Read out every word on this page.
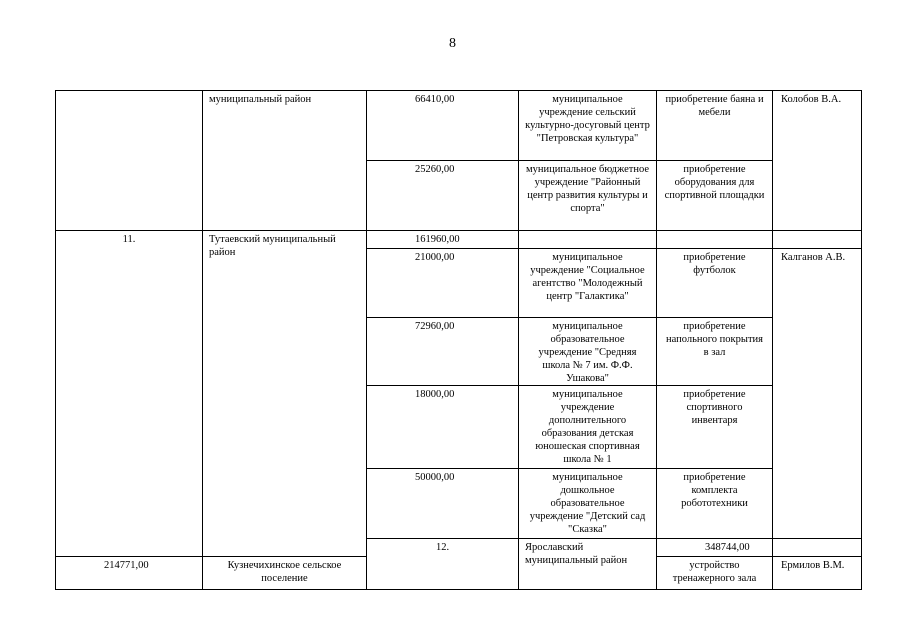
8
	муниципальный район	66410,00	муниципальное учреждение сельский культурно-досуговый центр "Петровская культура"	приобретение баяна и мебели	Колобов В.А.	
		25260,00	муниципальное бюджетное учреждение "Районный центр развития культуры и спорта"	приобретение оборудования для спортивной площадки		
11.	Тутаевский муниципальный район	161960,00				
		21000,00	муниципальное учреждение "Социальное агентство "Молодежный центр "Галактика"	приобретение футболок	Калганов А.В.	
		72960,00	муниципальное образовательное учреждение "Средняя школа № 7 им. Ф.Ф. Ушакова"	приобретение напольного покрытия в зал		
		18000,00	муниципальное учреждение дополнительного образования детская юношеская спортивная школа № 1	приобретение спортивного инвентаря		
		50000,00	муниципальное дошкольное образовательное учреждение "Детский сад "Сказка"	приобретение комплекта робототехники		
		12.	Ярославский муниципальный район	348744,00			
214771,00	Кузнечихинское сельское поселение			устройство тренажерного зала	Ермилов В.М.	
